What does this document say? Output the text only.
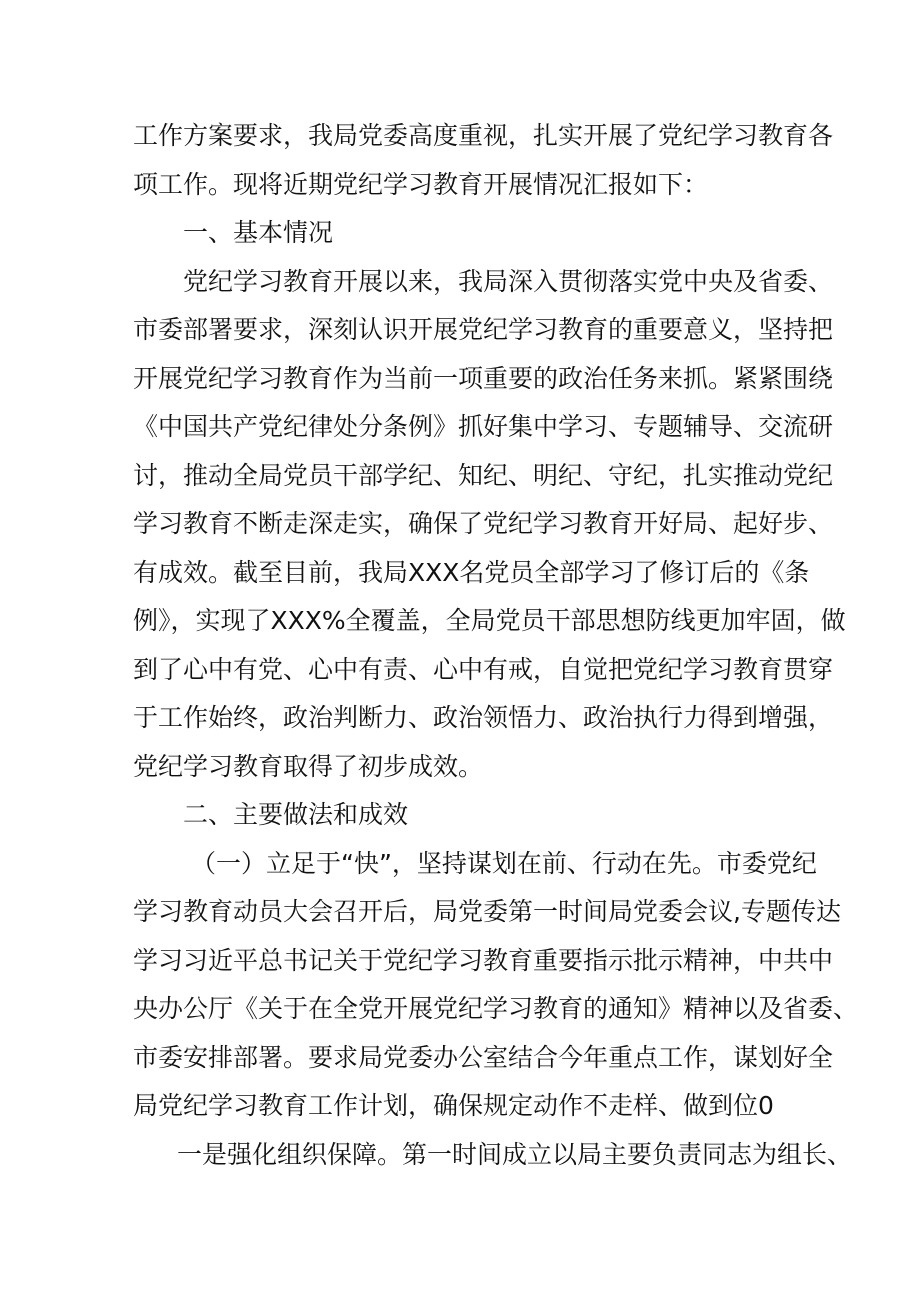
工作方案要求，我局党委高度重视，扎实开展了党纪学习教育各
项工作。现将近期党纪学习教育开展情况汇报如下：
一、基本情况
党纪学习教育开展以来，我局深入贯彻落实党中央及省委、
市委部署要求，深刻认识开展党纪学习教育的重要意义，坚持把
开展党纪学习教育作为当前一项重要的政治任务来抓。紧紧围绕
《中国共产党纪律处分条例》抓好集中学习、专题辅导、交流研
讨，推动全局党员干部学纪、知纪、明纪、守纪，扎实推动党纪
学习教育不断走深走实，确保了党纪学习教育开好局、起好步、
有成效。截至目前，我局XXX名党员全部学习了修订后的《条
例》，实现了XXX%全覆盖，全局党员干部思想防线更加牢固，做
到了心中有党、心中有责、心中有戒，自觉把党纪学习教育贯穿
于工作始终，政治判断力、政治领悟力、政治执行力得到增强，
党纪学习教育取得了初步成效。
二、主要做法和成效
（一）立足于“快”，坚持谋划在前、行动在先。市委党纪
学习教育动员大会召开后，局党委第一时间局党委会议,专题传达
学习习近平总书记关于党纪学习教育重要指示批示精神，中共中
央办公厅《关于在全党开展党纪学习教育的通知》精神以及省委、
市委安排部署。要求局党委办公室结合今年重点工作，谋划好全
局党纪学习教育工作计划，确保规定动作不走样、做到位0
一是强化组织保障。第一时间成立以局主要负责同志为组长、
